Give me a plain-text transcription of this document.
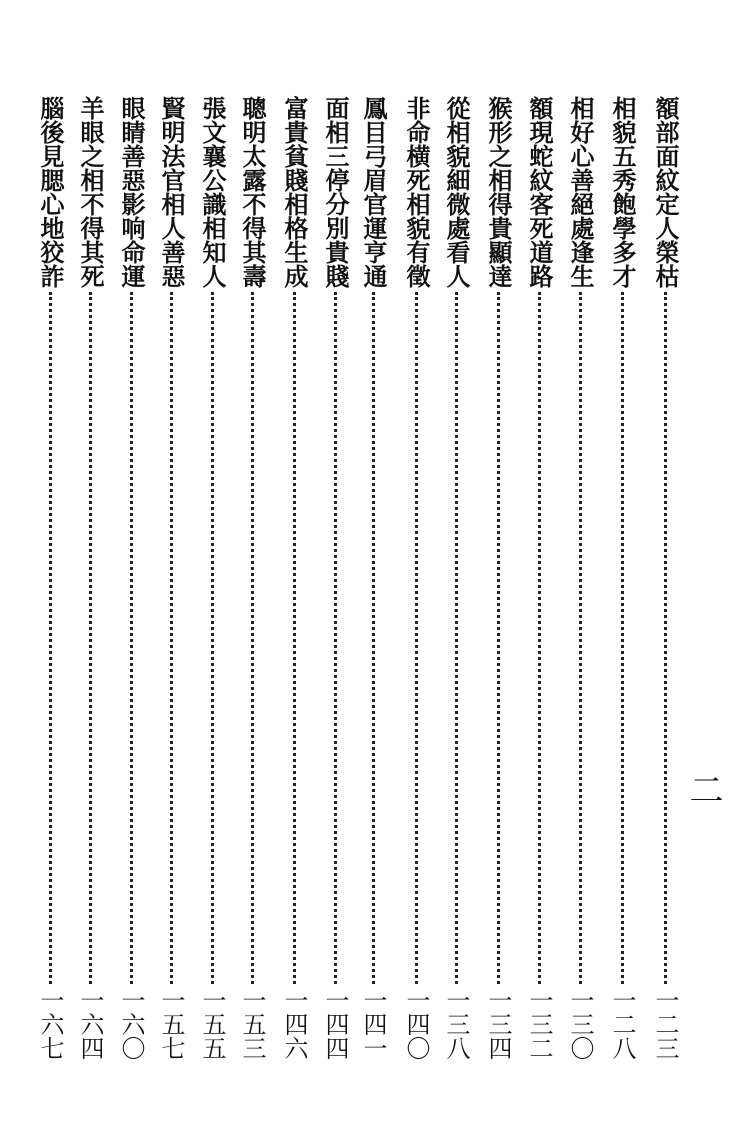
二
額部面紋定人榮枯
一二三
相貌五秀飽學多才
一二八
相好心善絕處逢生
一三〇
額現蛇紋客死道路
一三二
猴形之相得貴顯達
一三四
從相貌細微處看人
一三八
非命横死相貌有徵
一四〇
鳳目弓眉官運亨通
一四一
面相三停分別貴賤
一四四
富貴貧賤相格生成
一四六
聰明太露不得其壽
一五三
張文襄公識相知人
一五五
賢明法官相人善惡
一五七
眼睛善惡影响命運
一六〇
羊眼之相不得其死
一六四
腦後見腮心地狡詐
一六七
